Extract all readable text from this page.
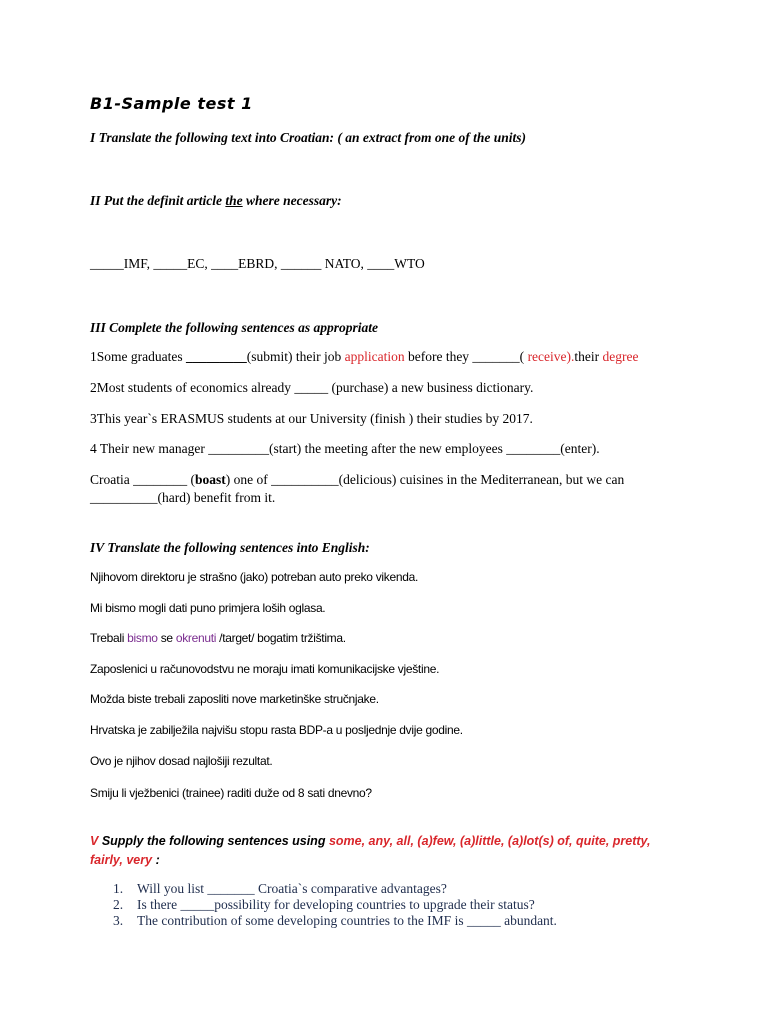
B1-Sample test 1
I Translate the following text into Croatian: ( an extract from one of the units)
II Put the definit article the where necessary:
_____IMF, _____EC, ____EBRD, ______ NATO, ____WTO
III Complete the following sentences as appropriate
1Some graduates _________(submit) their job application before they _______( receive).their degree
2Most students of economics already _____ (purchase) a new business dictionary.
3This year`s ERASMUS students at our University (finish ) their studies by 2017.
4 Their new manager _________(start) the meeting after the new employees ________(enter).
Croatia ________ (boast) one of __________(delicious) cuisines in the Mediterranean, but we can
__________(hard) benefit from it.
IV Translate the following sentences into English:
Njihovom direktoru je strašno (jako) potreban auto preko vikenda.
Mi bismo mogli dati puno primjera loših oglasa.
Trebali bismo se okrenuti /target/ bogatim tržištima.
Zaposlenici u računovodstvu ne moraju imati komunikacijske vještine.
Možda biste trebali zaposliti nove marketinške stručnjake.
Hrvatska je zabilježila najvišu stopu rasta BDP-a u posljednje dvije godine.
Ovo je njihov dosad najlošiji rezultat.
Smiju li vježbenici (trainee) raditi duže od 8 sati dnevno?
V Supply the following sentences using some, any, all, (a)few, (a)little, (a)lot(s) of, quite, pretty,
fairly, very :
1. Will you list _______ Croatia`s comparative advantages?
2. Is there _____possibility for developing countries to upgrade their status?
3. The contribution of some developing countries to the IMF is _____ abundant.
